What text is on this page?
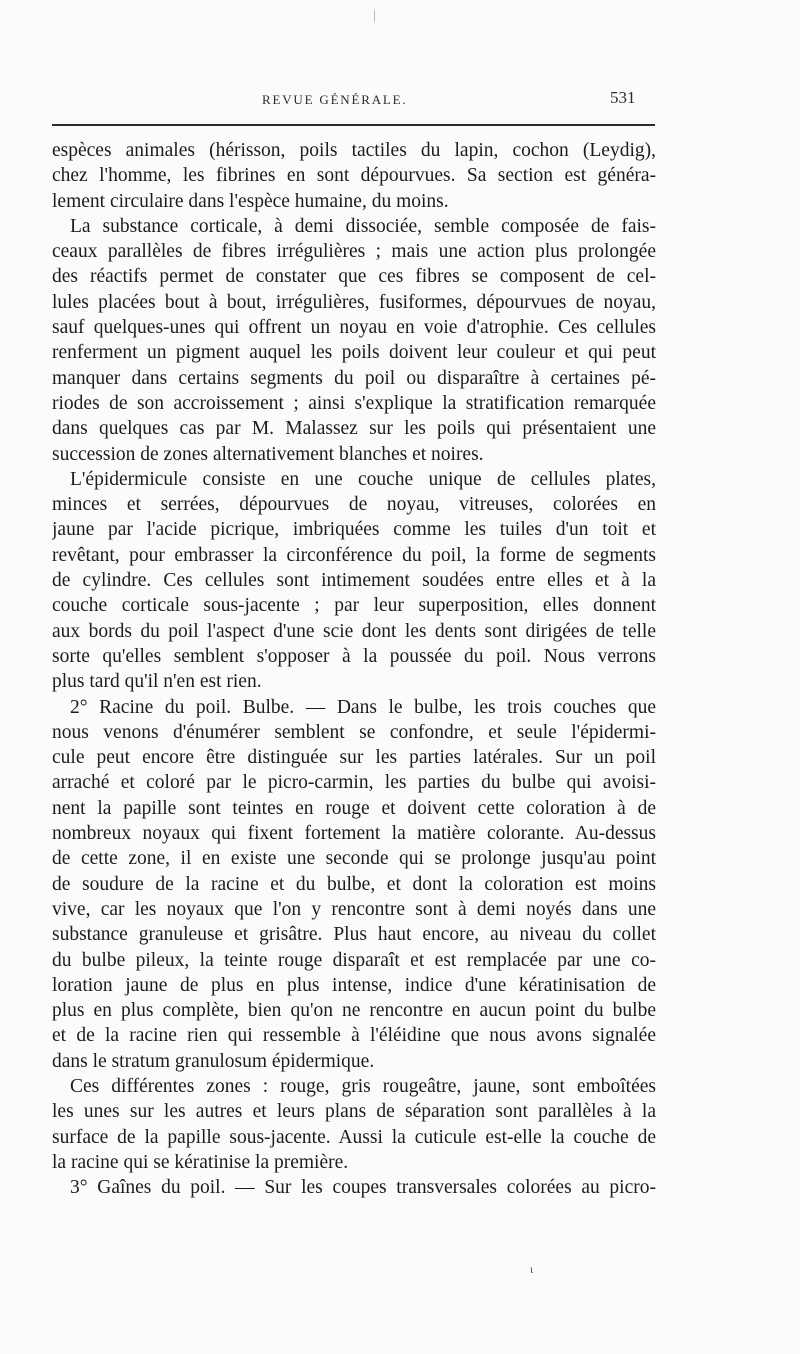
REVUE GÉNÉRALE.	531
espèces animales (hérisson, poils tactiles du lapin, cochon (Leydig),
chez l'homme, les fibrines en sont dépourvues. Sa section est généra-
lement circulaire dans l'espèce humaine, du moins.
La substance corticale, à demi dissociée, semble composée de fais-
ceaux parallèles de fibres irrégulières ; mais une action plus prolongée
des réactifs permet de constater que ces fibres se composent de cel-
lules placées bout à bout, irrégulières, fusiformes, dépourvues de noyau,
sauf quelques-unes qui offrent un noyau en voie d'atrophie. Ces cellules
renferment un pigment auquel les poils doivent leur couleur et qui peut
manquer dans certains segments du poil ou disparaître à certaines pé-
riodes de son accroissement ; ainsi s'explique la stratification remarquée
dans quelques cas par M. Malassez sur les poils qui présentaient une
succession de zones alternativement blanches et noires.
L'épidermicule consiste en une couche unique de cellules plates,
minces et serrées, dépourvues de noyau, vitreuses, colorées en
jaune par l'acide picrique, imbriquées comme les tuiles d'un toit et
revêtant, pour embrasser la circonférence du poil, la forme de segments
de cylindre. Ces cellules sont intimement soudées entre elles et à la
couche corticale sous-jacente ; par leur superposition, elles donnent
aux bords du poil l'aspect d'une scie dont les dents sont dirigées de telle
sorte qu'elles semblent s'opposer à la poussée du poil. Nous verrons
plus tard qu'il n'en est rien.
2° Racine du poil. Bulbe. — Dans le bulbe, les trois couches que
nous venons d'énumérer semblent se confondre, et seule l'épidermi-
cule peut encore être distinguée sur les parties latérales. Sur un poil
arraché et coloré par le picro-carmin, les parties du bulbe qui avoisi-
nent la papille sont teintes en rouge et doivent cette coloration à de
nombreux noyaux qui fixent fortement la matière colorante. Au-dessus
de cette zone, il en existe une seconde qui se prolonge jusqu'au point
de soudure de la racine et du bulbe, et dont la coloration est moins
vive, car les noyaux que l'on y rencontre sont à demi noyés dans une
substance granuleuse et grisâtre. Plus haut encore, au niveau du collet
du bulbe pileux, la teinte rouge disparaît et est remplacée par une co-
loration jaune de plus en plus intense, indice d'une kératinisation de
plus en plus complète, bien qu'on ne rencontre en aucun point du bulbe
et de la racine rien qui ressemble à l'éléidine que nous avons signalée
dans le stratum granulosum épidermique.
Ces différentes zones : rouge, gris rougeâtre, jaune, sont emboîtées
les unes sur les autres et leurs plans de séparation sont parallèles à la
surface de la papille sous-jacente. Aussi la cuticule est-elle la couche de
la racine qui se kératinise la première.
3° Gaînes du poil. — Sur les coupes transversales colorées au picro-
ι
